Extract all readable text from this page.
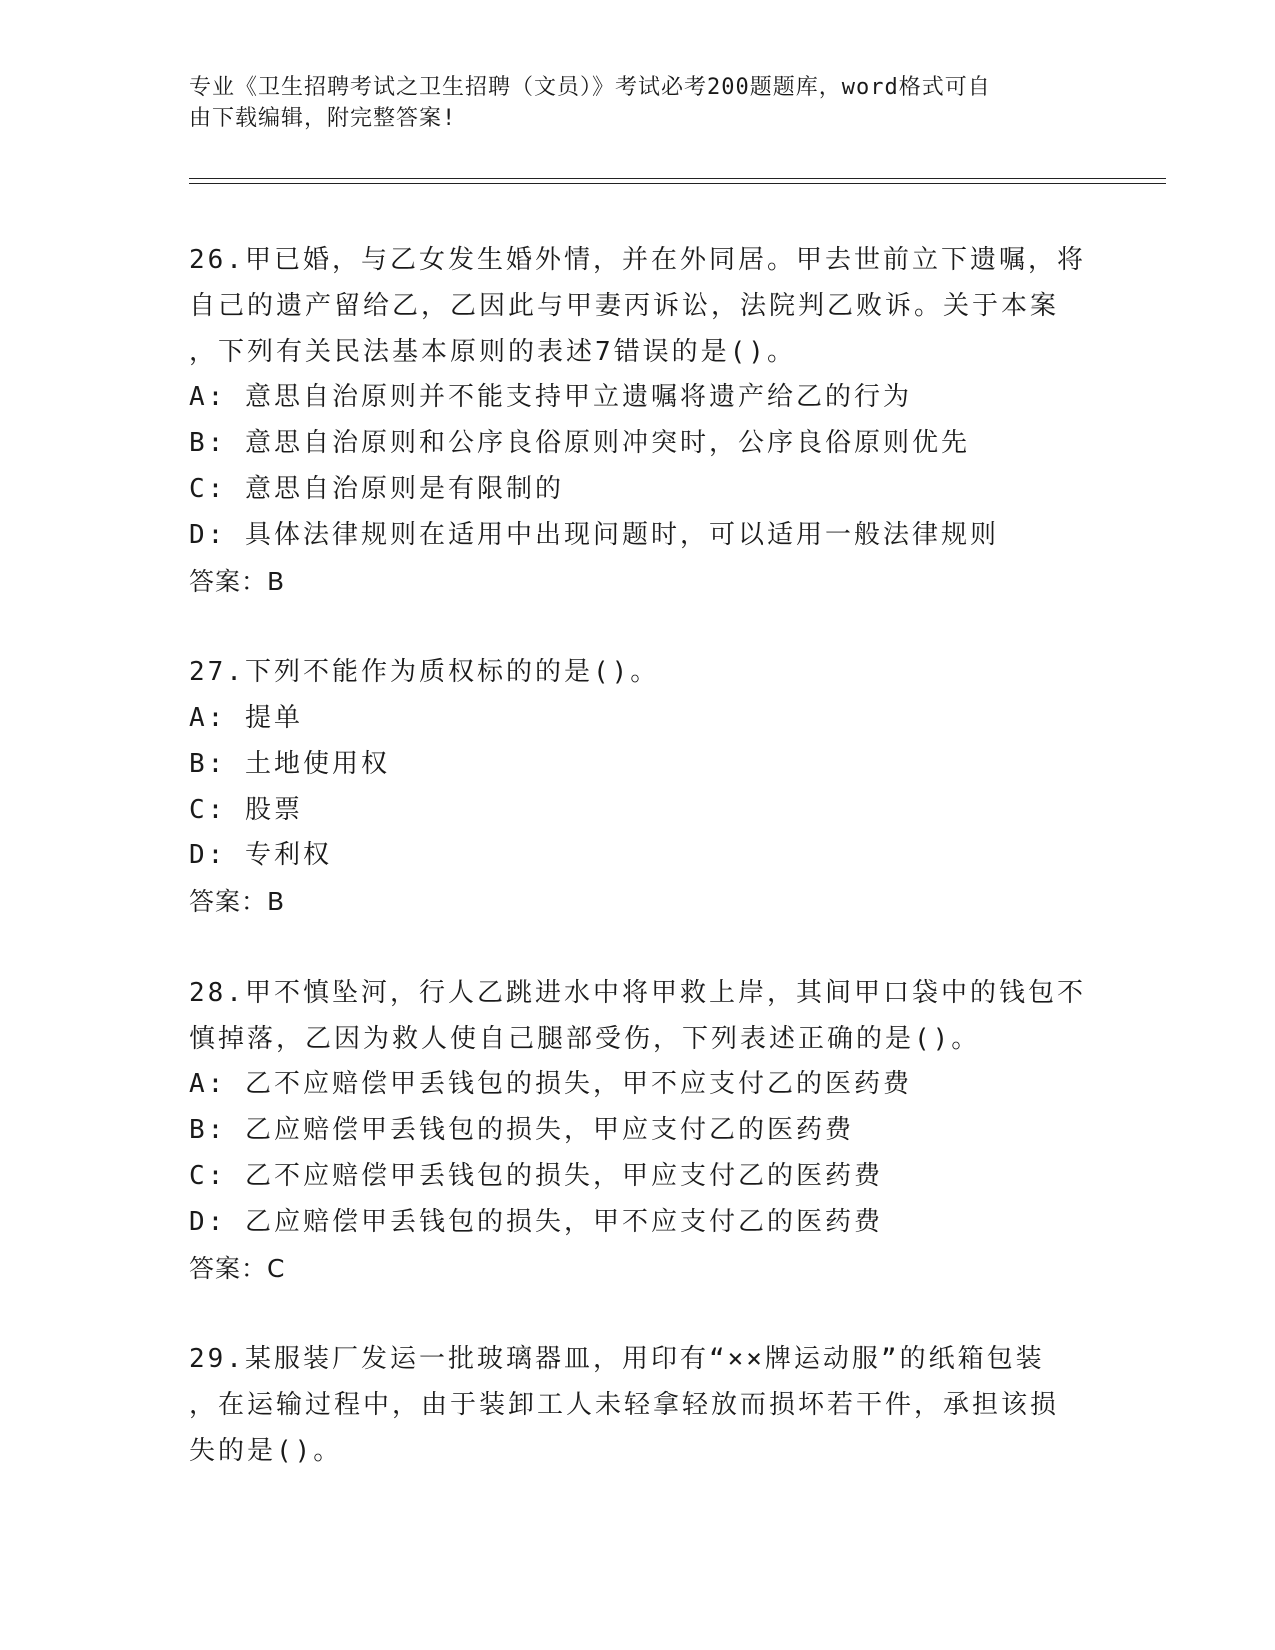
专业《卫生招聘考试之卫生招聘（文员）》考试必考200题题库，word格式可自
由下载编辑，附完整答案!

26.甲已婚，与乙女发生婚外情，并在外同居。甲去世前立下遗嘱，将
自己的遗产留给乙，乙因此与甲妻丙诉讼，法院判乙败诉。关于本案
，下列有关民法基本原则的表述7错误的是()。

A: 意思自治原则并不能支持甲立遗嘱将遗产给乙的行为

B: 意思自治原则和公序良俗原则冲突时，公序良俗原则优先

C: 意思自治原则是有限制的

D: 具体法律规则在适用中出现问题时，可以适用一般法律规则

答案：B

27.下列不能作为质权标的的是()。

A: 提单

B: 土地使用权

C: 股票

D: 专利权

答案：B

28.甲不慎坠河，行人乙跳进水中将甲救上岸，其间甲口袋中的钱包不
慎掉落，乙因为救人使自己腿部受伤，下列表述正确的是()。

A: 乙不应赔偿甲丢钱包的损失，甲不应支付乙的医药费

B: 乙应赔偿甲丢钱包的损失，甲应支付乙的医药费

C: 乙不应赔偿甲丢钱包的损失，甲应支付乙的医药费

D: 乙应赔偿甲丢钱包的损失，甲不应支付乙的医药费

答案：C

29.某服装厂发运一批玻璃器皿，用印有“××牌运动服”的纸箱包装
，在运输过程中，由于装卸工人未轻拿轻放而损坏若干件，承担该损
失的是()。
